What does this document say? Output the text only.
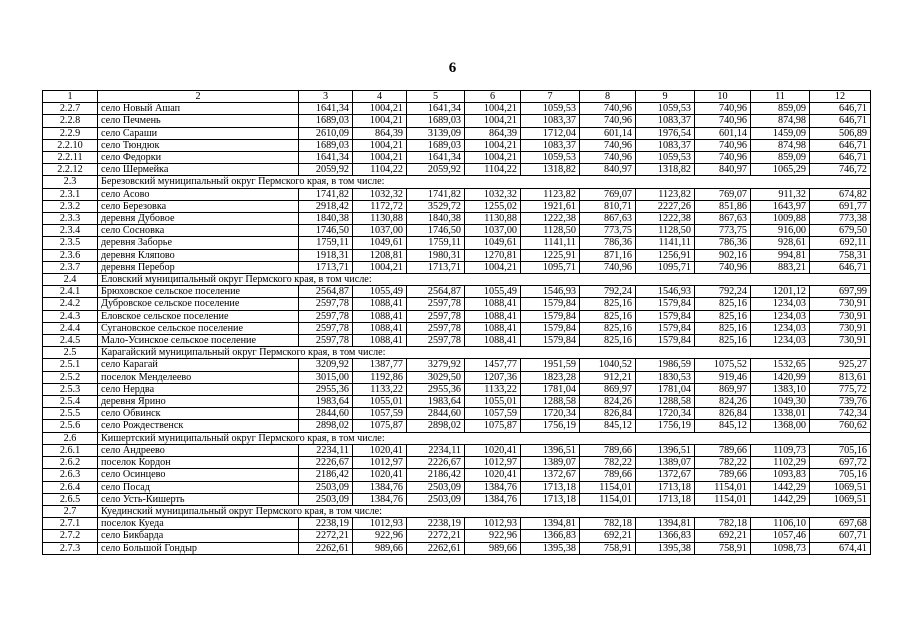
6
1	2	3	4	5	6	7	8	9	10	11	12
2.2.7	село Новый Ашап	1641,34	1004,21	1641,34	1004,21	1059,53	740,96	1059,53	740,96	859,09	646,71
2.2.8	село Печмень	1689,03	1004,21	1689,03	1004,21	1083,37	740,96	1083,37	740,96	874,98	646,71
2.2.9	село Сараши	2610,09	864,39	3139,09	864,39	1712,04	601,14	1976,54	601,14	1459,09	506,89
2.2.10	село Тюндюк	1689,03	1004,21	1689,03	1004,21	1083,37	740,96	1083,37	740,96	874,98	646,71
2.2.11	село Федорки	1641,34	1004,21	1641,34	1004,21	1059,53	740,96	1059,53	740,96	859,09	646,71
2.2.12	село Шермейка	2059,92	1104,22	2059,92	1104,22	1318,82	840,97	1318,82	840,97	1065,29	746,72
2.3	Березовский муниципальный округ Пермского края, в том числе:										
2.3.1	село Асово	1741,82	1032,32	1741,82	1032,32	1123,82	769,07	1123,82	769,07	911,32	674,82
2.3.2	село Березовка	2918,42	1172,72	3529,72	1255,02	1921,61	810,71	2227,26	851,86	1643,97	691,77
2.3.3	деревня Дубовое	1840,38	1130,88	1840,38	1130,88	1222,38	867,63	1222,38	867,63	1009,88	773,38
2.3.4	село Сосновка	1746,50	1037,00	1746,50	1037,00	1128,50	773,75	1128,50	773,75	916,00	679,50
2.3.5	деревня Заборье	1759,11	1049,61	1759,11	1049,61	1141,11	786,36	1141,11	786,36	928,61	692,11
2.3.6	деревня Кляпово	1918,31	1208,81	1980,31	1270,81	1225,91	871,16	1256,91	902,16	994,81	758,31
2.3.7	деревня Перебор	1713,71	1004,21	1713,71	1004,21	1095,71	740,96	1095,71	740,96	883,21	646,71
2.4	Еловский муниципальный округ Пермского края, в том числе:										
2.4.1	Брюховское сельское поселение	2564,87	1055,49	2564,87	1055,49	1546,93	792,24	1546,93	792,24	1201,12	697,99
2.4.2	Дубровское сельское поселение	2597,78	1088,41	2597,78	1088,41	1579,84	825,16	1579,84	825,16	1234,03	730,91
2.4.3	Еловское сельское поселение	2597,78	1088,41	2597,78	1088,41	1579,84	825,16	1579,84	825,16	1234,03	730,91
2.4.4	Сугановское сельское поселение	2597,78	1088,41	2597,78	1088,41	1579,84	825,16	1579,84	825,16	1234,03	730,91
2.4.5	Мало-Усинское сельское поселение	2597,78	1088,41	2597,78	1088,41	1579,84	825,16	1579,84	825,16	1234,03	730,91
2.5	Карагайский муниципальный округ Пермского края, в том числе:										
2.5.1	село Карагай	3209,92	1387,77	3279,92	1457,77	1951,59	1040,52	1986,59	1075,52	1532,65	925,27
2.5.2	поселок Менделеево	3015,00	1192,86	3029,50	1207,36	1823,28	912,21	1830,53	919,46	1420,99	813,61
2.5.3	село Нердва	2955,36	1133,22	2955,36	1133,22	1781,04	869,97	1781,04	869,97	1383,10	775,72
2.5.4	деревня Ярино	1983,64	1055,01	1983,64	1055,01	1288,58	824,26	1288,58	824,26	1049,30	739,76
2.5.5	село Обвинск	2844,60	1057,59	2844,60	1057,59	1720,34	826,84	1720,34	826,84	1338,01	742,34
2.5.6	село Рождественск	2898,02	1075,87	2898,02	1075,87	1756,19	845,12	1756,19	845,12	1368,00	760,62
2.6	Кишертский муниципальный округ Пермского края, в том числе:										
2.6.1	село Андреево	2234,11	1020,41	2234,11	1020,41	1396,51	789,66	1396,51	789,66	1109,73	705,16
2.6.2	поселок Кордон	2226,67	1012,97	2226,67	1012,97	1389,07	782,22	1389,07	782,22	1102,29	697,72
2.6.3	село Осинцево	2186,42	1020,41	2186,42	1020,41	1372,67	789,66	1372,67	789,66	1093,83	705,16
2.6.4	село Посад	2503,09	1384,76	2503,09	1384,76	1713,18	1154,01	1713,18	1154,01	1442,29	1069,51
2.6.5	село Усть-Кишерть	2503,09	1384,76	2503,09	1384,76	1713,18	1154,01	1713,18	1154,01	1442,29	1069,51
2.7	Куединский муниципальный округ Пермского края, в том числе:										
2.7.1	поселок Куеда	2238,19	1012,93	2238,19	1012,93	1394,81	782,18	1394,81	782,18	1106,10	697,68
2.7.2	село Бикбарда	2272,21	922,96	2272,21	922,96	1366,83	692,21	1366,83	692,21	1057,46	607,71
2.7.3	село Большой Гондыр	2262,61	989,66	2262,61	989,66	1395,38	758,91	1395,38	758,91	1098,73	674,41
